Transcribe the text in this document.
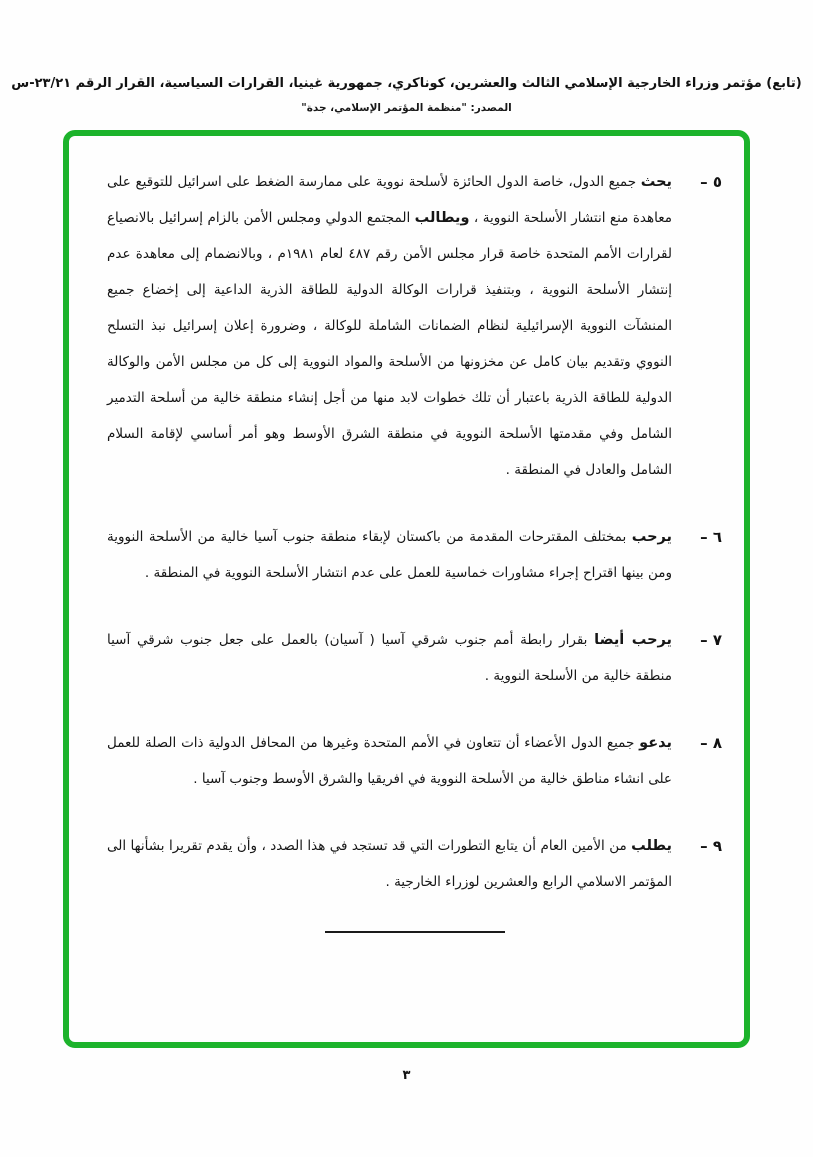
(تابع) مؤتمر وزراء الخارجية الإسلامي الثالث والعشرين، كوناكري، جمهورية غينيا، القرارات السياسية، القرار الرقم ٢٣/٢١-س
المصدر: "منظمة المؤتمر الإسلامي، جدة"
٥ –
يحث جميع الدول، خاصة الدول الحائزة لأسلحة نووية على ممارسة الضغط على اسرائيل للتوقيع على معاهدة منع انتشار الأسلحة النووية ، ويطالب المجتمع الدولي ومجلس الأمن بالزام إسرائيل بالانصياع لقرارات الأمم المتحدة خاصة قرار مجلس الأمن رقم ٤٨٧ لعام ١٩٨١م ، وبالانضمام إلى معاهدة عدم إنتشار الأسلحة النووية ، وبتنفيذ قرارات الوكالة الدولية للطاقة الذرية الداعية إلى إخضاع جميع المنشآت النووية الإسرائيلية لنظام الضمانات الشاملة للوكالة ، وضرورة إعلان إسرائيل نبذ التسلح النووي وتقديم بيان كامل عن مخزونها من الأسلحة والمواد النووية إلى كل من مجلس الأمن والوكالة الدولية للطاقة الذرية باعتبار أن تلك خطوات لابد منها من أجل إنشاء منطقة خالية من أسلحة التدمير الشامل وفي مقدمتها الأسلحة النووية في منطقة الشرق الأوسط وهو أمر أساسي لإقامة السلام الشامل والعادل في المنطقة .
٦ –
يرحب بمختلف المقترحات المقدمة من باكستان لإبقاء منطقة جنوب آسيا خالية من الأسلحة النووية ومن بينها اقتراح إجراء مشاورات خماسية للعمل على عدم انتشار الأسلحة النووية في المنطقة .
٧ –
يرحب أيضا بقرار رابطة أمم جنوب شرقي آسيا ( آسيان) بالعمل على جعل جنوب شرقي آسيا منطقة خالية من الأسلحة النووية .
٨ –
يدعو جميع الدول الأعضاء أن تتعاون في الأمم المتحدة وغيرها من المحافل الدولية ذات الصلة للعمل على انشاء مناطق خالية من الأسلحة النووية في افريقيا والشرق الأوسط وجنوب آسيا .
٩ –
يطلب من الأمين العام أن يتابع التطورات التي قد تستجد في هذا الصدد ، وأن يقدم تقريرا بشأنها الى المؤتمر الاسلامي الرابع والعشرين لوزراء الخارجية .
٣
